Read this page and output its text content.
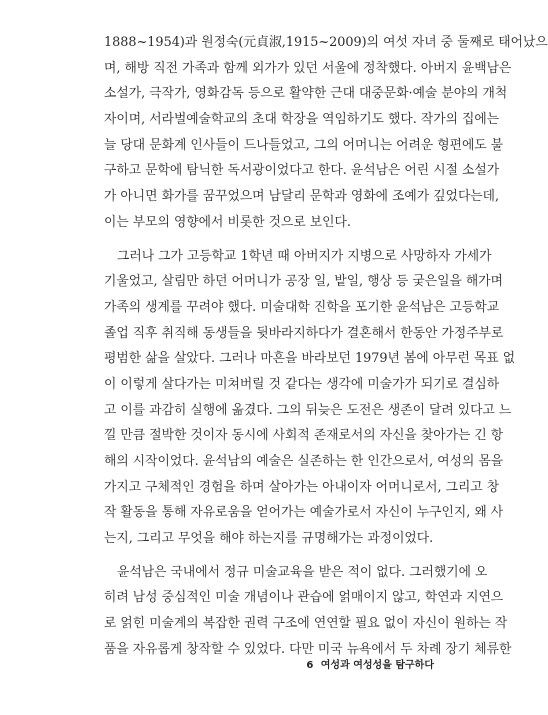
1888~1954)과 원정숙(元貞淑,1915~2009)의 여섯 자녀 중 둘째로 태어났으
며, 해방 직전 가족과 함께 외가가 있던 서울에 정착했다. 아버지 윤백남은
소설가, 극작가, 영화감독 등으로 활약한 근대 대중문화·예술 분야의 개척
자이며, 서라벌예술학교의 초대 학장을 역임하기도 했다. 작가의 집에는
늘 당대 문화계 인사들이 드나들었고, 그의 어머니는 어려운 형편에도 불
구하고 문학에 탐닉한 독서광이었다고 한다. 윤석남은 어린 시절 소설가
가 아니면 화가를 꿈꾸었으며 남달리 문학과 영화에 조예가 깊었다는데,
이는 부모의 영향에서 비롯한 것으로 보인다.
그러나 그가 고등학교 1학년 때 아버지가 지병으로 사망하자 가세가
기울었고, 살림만 하던 어머니가 공장 일, 밭일, 행상 등 궂은일을 해가며
가족의 생계를 꾸려야 했다. 미술대학 진학을 포기한 윤석남은 고등학교
졸업 직후 취직해 동생들을 뒷바라지하다가 결혼해서 한동안 가정주부로
평범한 삶을 살았다. 그러나 마흔을 바라보던 1979년 봄에 아무런 목표 없
이 이렇게 살다가는 미쳐버릴 것 같다는 생각에 미술가가 되기로 결심하
고 이를 과감히 실행에 옮겼다. 그의 뒤늦은 도전은 생존이 달려 있다고 느
낄 만큼 절박한 것이자 동시에 사회적 존재로서의 자신을 찾아가는 긴 항
해의 시작이었다. 윤석남의 예술은 실존하는 한 인간으로서, 여성의 몸을
가지고 구체적인 경험을 하며 살아가는 아내이자 어머니로서, 그리고 창
작 활동을 통해 자유로움을 얻어가는 예술가로서 자신이 누구인지, 왜 사
는지, 그리고 무엇을 해야 하는지를 규명해가는 과정이었다.
윤석남은 국내에서 정규 미술교육을 받은 적이 없다. 그러했기에 오
히려 남성 중심적인 미술 개념이나 관습에 얽매이지 않고, 학연과 지연으
로 얽힌 미술계의 복잡한 권력 구조에 연연할 필요 없이 자신이 원하는 작
품을 자유롭게 창작할 수 있었다. 다만 미국 뉴욕에서 두 차례 장기 체류한
6 여성과 여성성을 탐구하다
